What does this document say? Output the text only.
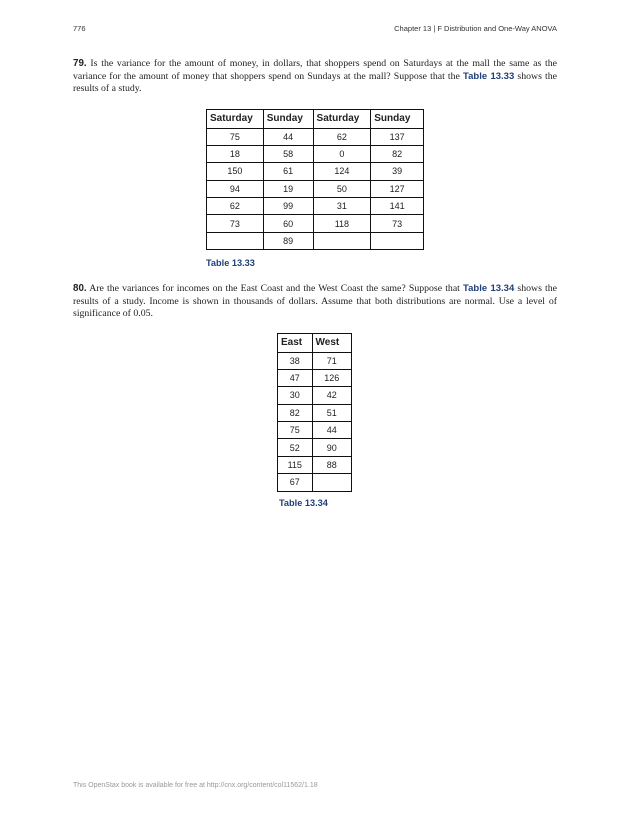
776	Chapter 13 | F Distribution and One-Way ANOVA
79. Is the variance for the amount of money, in dollars, that shoppers spend on Saturdays at the mall the same as the variance for the amount of money that shoppers spend on Sundays at the mall? Suppose that the Table 13.33 shows the results of a study.
Saturday	Sunday	Saturday	Sunday
75	44	62	137
18	58	0	82
150	61	124	39
94	19	50	127
62	99	31	141
73	60	118	73
	89		
Table 13.33
80. Are the variances for incomes on the East Coast and the West Coast the same? Suppose that Table 13.34 shows the results of a study. Income is shown in thousands of dollars. Assume that both distributions are normal. Use a level of significance of 0.05.
East	West
38	71
47	126
30	42
82	51
75	44
52	90
115	88
67	
Table 13.34
This OpenStax book is available for free at http://cnx.org/content/col11562/1.18
